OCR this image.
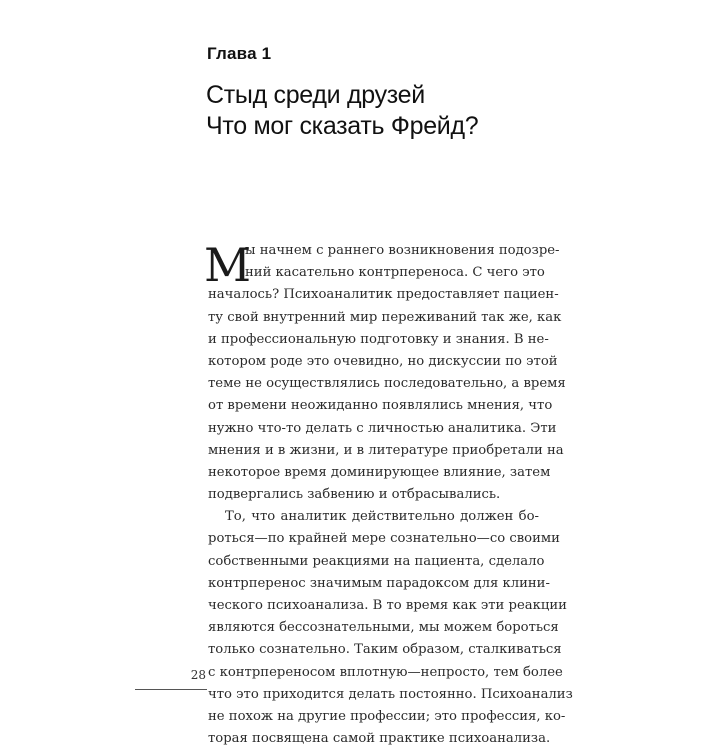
Глава 1
Стыд среди друзей
Что мог сказать Фрейд?
М
ы начнем с раннего возникновения подозре-
ний касательно контрпереноса. С чего это
началось? Психоаналитик предоставляет пациен-
ту свой внутренний мир переживаний так же, как
и профессиональную подготовку и знания. В не-
котором роде это очевидно, но дискуссии по этой
теме не осуществлялись последовательно, а время
от времени неожиданно появлялись мнения, что
нужно что-то делать с личностью аналитика. Эти
мнения и в жизни, и в литературе приобретали на
некоторое время доминирующее влияние, затем
подвергались забвению и отбрасывались.
То, что аналитик действительно должен бо-
роться—по крайней мере сознательно—со своими
собственными реакциями на пациента, сделало
контрперенос значимым парадоксом для клини-
ческого психоанализа. В то время как эти реакции
являются бессознательными, мы можем бороться
только сознательно. Таким образом, сталкиваться
с контрпереносом вплотную—непросто, тем более
что это приходится делать постоянно. Психоанализ
не похож на другие профессии; это профессия, ко-
торая посвящена самой практике психоанализа.
28
